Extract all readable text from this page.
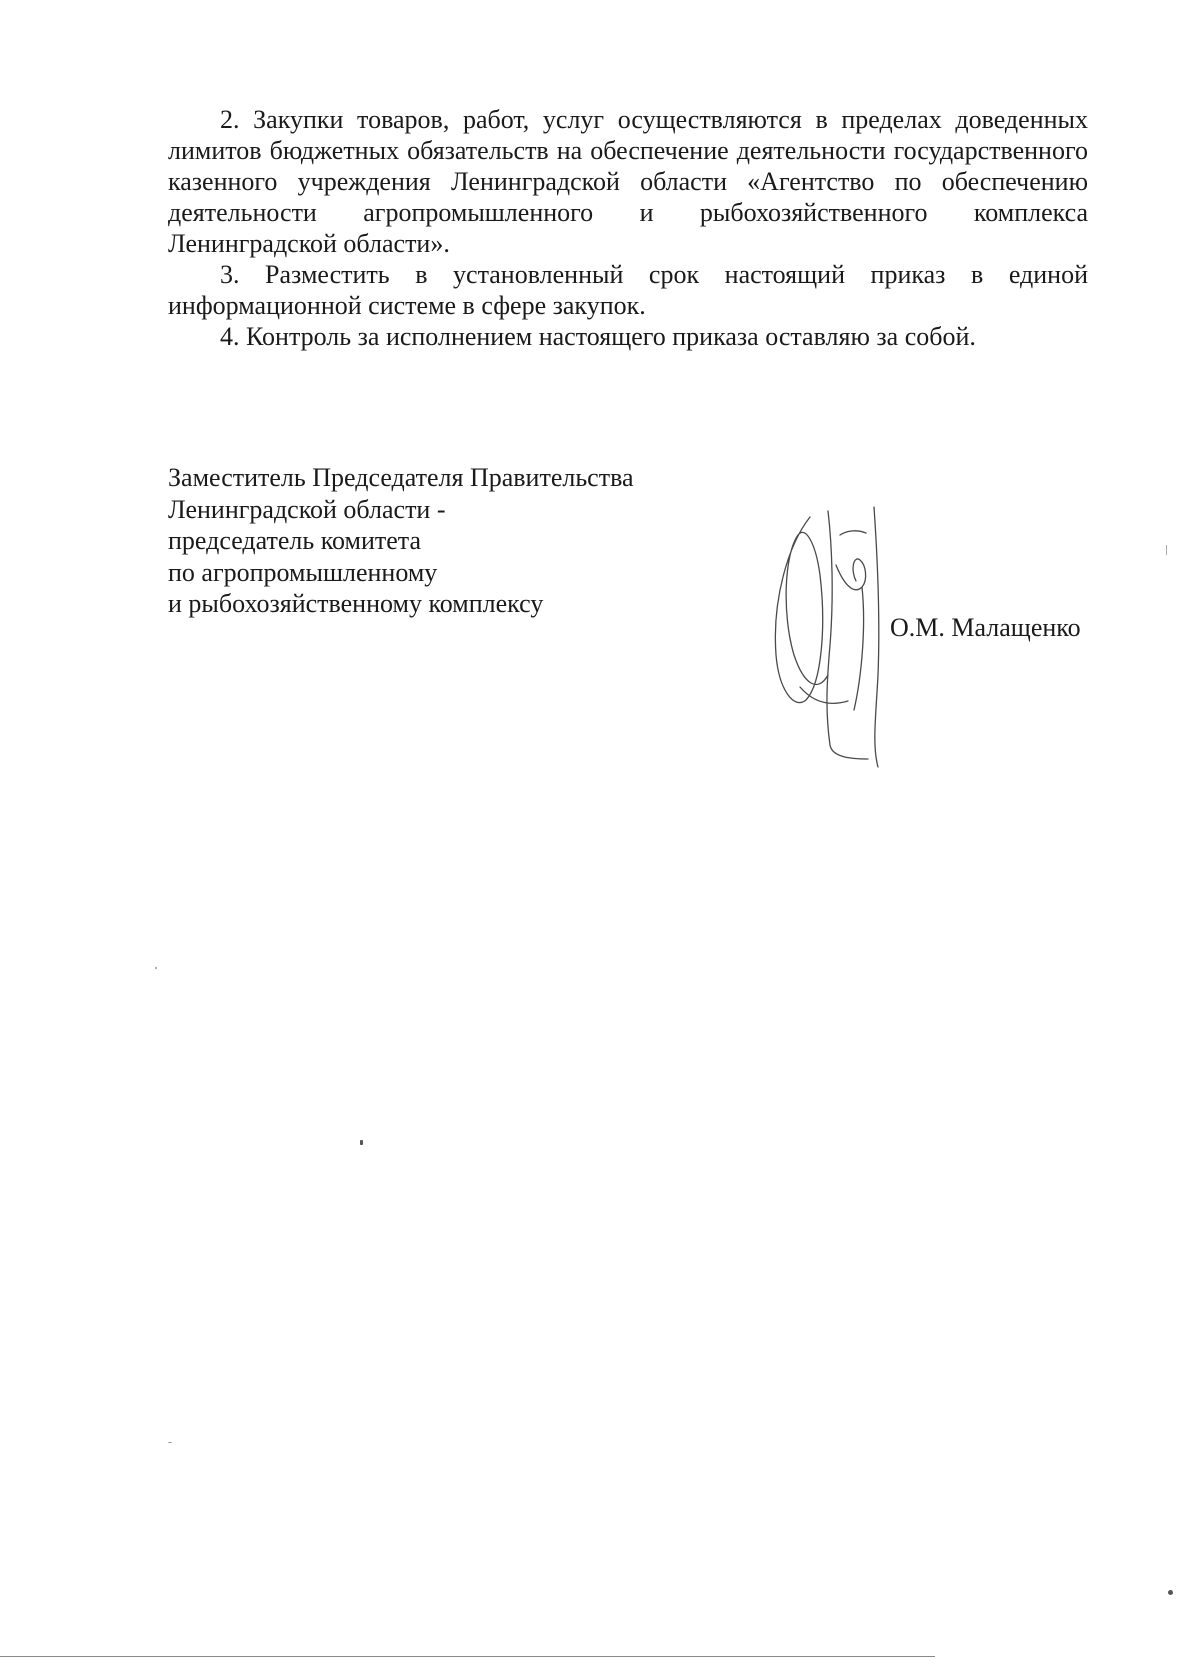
2. Закупки товаров, работ, услуг осуществляются в пределах доведенных лимитов бюджетных обязательств на обеспечение деятельности государственного казенного учреждения Ленинградской области «Агентство по обеспечению деятельности агропромышленного и рыбохозяйственного комплекса Ленинградской области».

3. Разместить в установленный срок настоящий приказ в единой информационной системе в сфере закупок.

4. Контроль за исполнением настоящего приказа оставляю за собой.

Заместитель Председателя Правительства
Ленинградской области -
председатель комитета
по агропромышленному
и рыбохозяйственному комплексу
О.М. Малащенко
